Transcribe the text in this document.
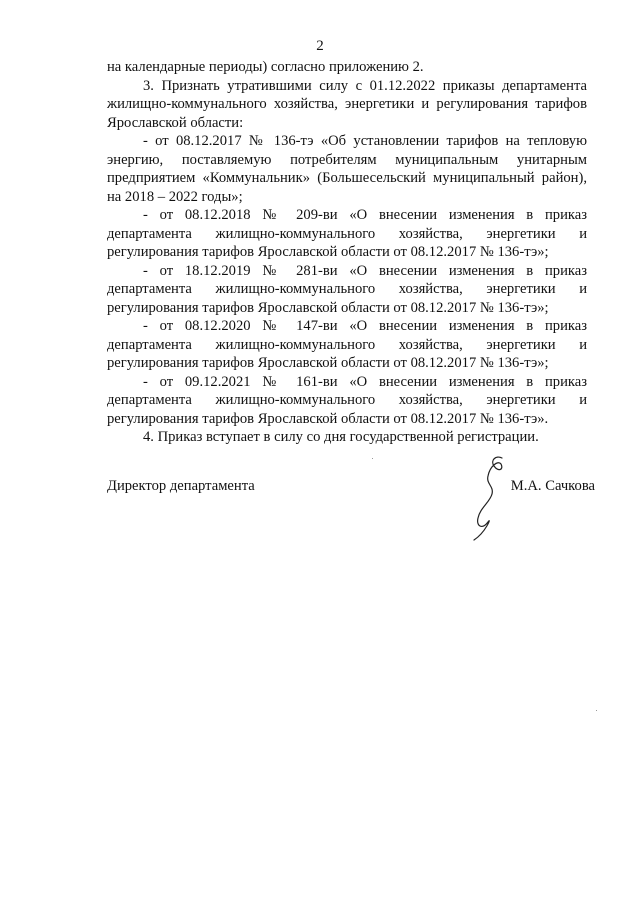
2

на календарные периоды) согласно приложению 2.

3. Признать утратившими силу с 01.12.2022 приказы департамента жилищно-коммунального хозяйства, энергетики и регулирования тарифов Ярославской области:

- от 08.12.2017 № 136-тэ «Об установлении тарифов на тепловую энергию, поставляемую потребителям муниципальным унитарным предприятием «Коммунальник» (Большесельский муниципальный район), на 2018 – 2022 годы»;

- от 08.12.2018 № 209-ви «О внесении изменения в приказ департамента жилищно-коммунального хозяйства, энергетики и регулирования тарифов Ярославской области от 08.12.2017 № 136-тэ»;

- от 18.12.2019 № 281-ви «О внесении изменения в приказ департамента жилищно-коммунального хозяйства, энергетики и регулирования тарифов Ярославской области от 08.12.2017 № 136-тэ»;

- от 08.12.2020 № 147-ви «О внесении изменения в приказ департамента жилищно-коммунального хозяйства, энергетики и регулирования тарифов Ярославской области от 08.12.2017 № 136-тэ»;

- от 09.12.2021 № 161-ви «О внесении изменения в приказ департамента жилищно-коммунального хозяйства, энергетики и регулирования тарифов Ярославской области от 08.12.2017 № 136-тэ».

4. Приказ вступает в силу со дня государственной регистрации.

Директор департамента	М.А. Сачкова
